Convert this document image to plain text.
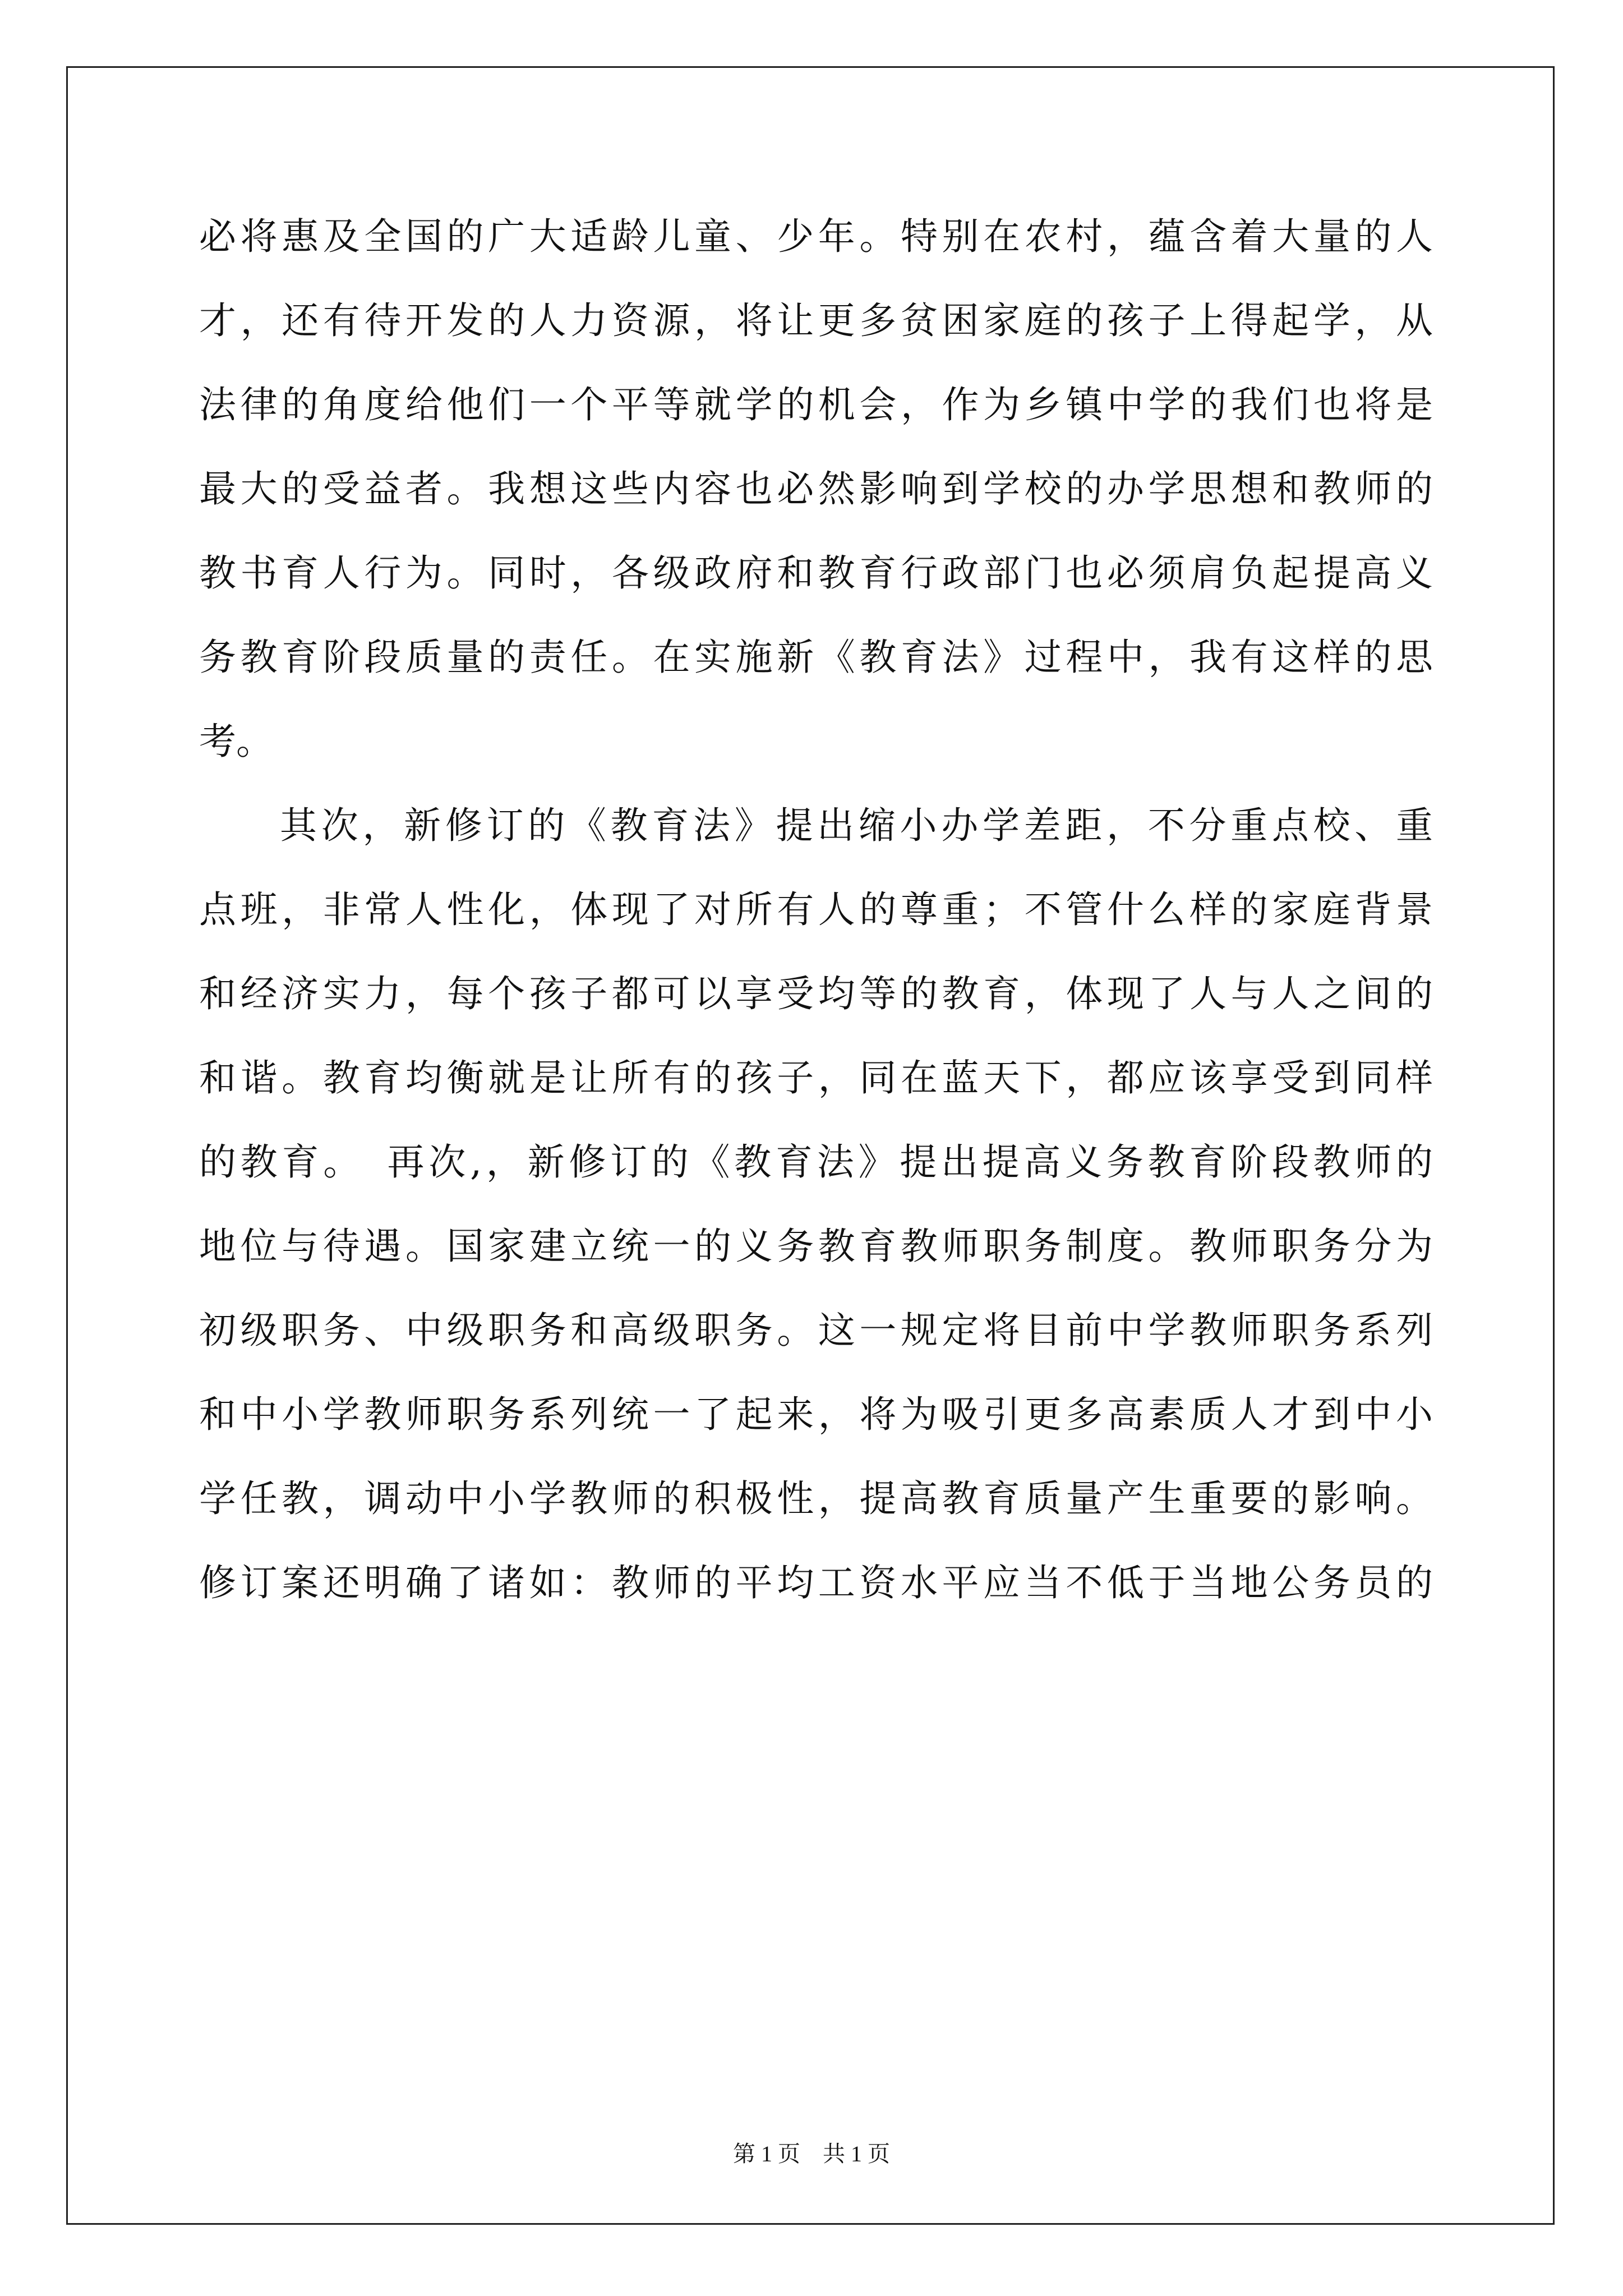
必将惠及全国的广大适龄儿童、少年。特别在农村，蕴含着大量的人
才，还有待开发的人力资源，将让更多贫困家庭的孩子上得起学，从
法律的角度给他们一个平等就学的机会，作为乡镇中学的我们也将是
最大的受益者。我想这些内容也必然影响到学校的办学思想和教师的
教书育人行为。同时，各级政府和教育行政部门也必须肩负起提高义
务教育阶段质量的责任。在实施新《教育法》过程中，我有这样的思
考。
其次，新修订的《教育法》提出缩小办学差距，不分重点校、重
点班，非常人性化，体现了对所有人的尊重；不管什么样的家庭背景
和经济实力，每个孩子都可以享受均等的教育，体现了人与人之间的
和谐。教育均衡就是让所有的孩子，同在蓝天下，都应该享受到同样
的教育。　再次,，新修订的《教育法》提出提高义务教育阶段教师的
地位与待遇。国家建立统一的义务教育教师职务制度。教师职务分为
初级职务、中级职务和高级职务。这一规定将目前中学教师职务系列
和中小学教师职务系列统一了起来，将为吸引更多高素质人才到中小
学任教，调动中小学教师的积极性，提高教育质量产生重要的影响。
修订案还明确了诸如：教师的平均工资水平应当不低于当地公务员的
第 1 页　共 1 页
